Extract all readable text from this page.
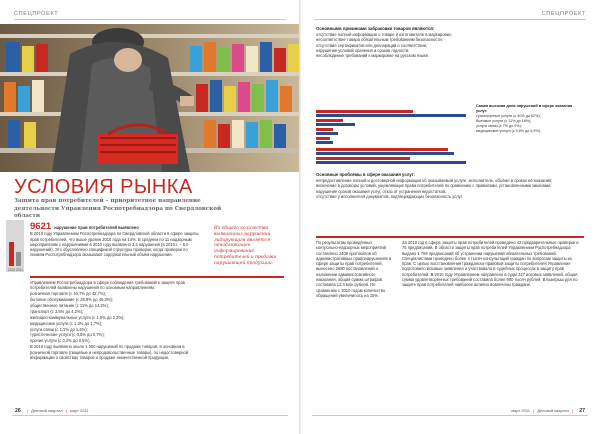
СПЕЦПРОЕКТ
УСЛОВИЯ РЫНКА
Защита прав потребителей – приоритетное направление деятельности Управления Роспотребнадзора по Свердловской области
2010 2011
9621 нарушение прав потребителей выявлено

В 2010 году Управлением Роспотребнадзора по Свердловской области в сфере защиты прав потребителей, что выше уровня 2010 года на 14%. В среднем по 11 надзорным мероприятиям с нарушениями в 2010 году выявлено 3,4 нарушения (в 2010 г. – 6,0 нарушений). Это обусловлено спецификой структуры проверок, когда проверки по линиям Роспотребнадзора оказывают содержательный объём нарушения.

Из общего количества выявленных нарушений лидирующим является ненадлежащее информирование потребителей и продажа нарушающей продукции.

Управлением Роспотребнадзора в сфере соблюдения требований к защите прав потребителей выявлены нарушения по основным направлениям:

розничная торговля (с 40,7% до 42,7%);

бытовое обслуживание (с 28,9% до 46,3%);

общественное питание (с 11% до 14,2%);

транспорт (с 3,5% до 4,2%);

жилищно-коммунальные услуги (с 1,5% до 2,2%);

медицинские услуги (с 1,3% до 1,7%);

услуги связи (с 1,1% до 1,4%);

туристические услуги (с 0,5% до 0,7%);

прочие услуги (с 0,2% до 0,5%).

В 2010 году выявлено около 1 500 нарушений по продаже товаров, в основном в розничной торговле (пищевые и непродовольственные товары), по недостоверной информации о свойствах товаров и продаже некачественной продукции.

26 | Деловой квартал | март 2011
СПЕЦПРОЕКТ
Основными причинами забраковки товаров являются:

отсутствие полной информации о товаре и изготовителе в маркировке;

несоответствие товара обязательным требованиям безопасности;

отсутствие сертификатов или деклараций о соответствии;

нарушение условий хранения и сроков годности;

несоблюдение требований к маркировке на русском языке.

Самая высокая доля нарушений в сфере оказания услуг:

транспортные услуги (с 40% до 62%);

бытовые услуги (с 11% до 16%);

услуги связи (с 7% до 9%);

медицинские услуги (с 5,8% до 6,9%).

Основные проблемы в сфере оказания услуг:

непредоставление полной и достоверной информации об оказываемой услуге, исполнителе, объёме и сроках её оказания;

включение в договоры условий, ущемляющих права потребителей по сравнению с правилами, установленными законами;

нарушение сроков оказания услуг, отказ от устранения недостатков;

отсутствие у исполнителя документов, подтверждающих безопасность услуг.

По результатам проведённых контрольно-надзорных мероприятий составлено 2409 протоколов об административных правонарушениях в сфере защиты прав потребителей, вынесено 2680 постановлений о наложении административного наказания, общая сумма штрафов составила 12,4 млн рублей. По сравнению с 2010 годом количество обращений увеличилось на 15%.
За 2010 год в сфере защиты прав потребителей проведено 42 предварительные проверки и 75 предписаний. В области защиты прав потребителей Управлением Роспотребнадзора выдано 1 769 предписаний об устранении нарушений обязательных требований. Специалистами проведено более 4 тысяч консультаций граждан по вопросам защиты их прав. С целью восстановления гражданско-правовой защиты потребителей Управление подготовило исковые заявления и участвовало в судебных процессах в защиту прав потребителей. В 2010 году Управлением направлено в суды 227 исковых заявлений, общая сумма удовлетворённых требований составила более 900 тысяч рублей. В выигрыш дел по защите прав потребителей наиболее активно вовлечены граждане.
март 2011 | Деловой квартал | 27
